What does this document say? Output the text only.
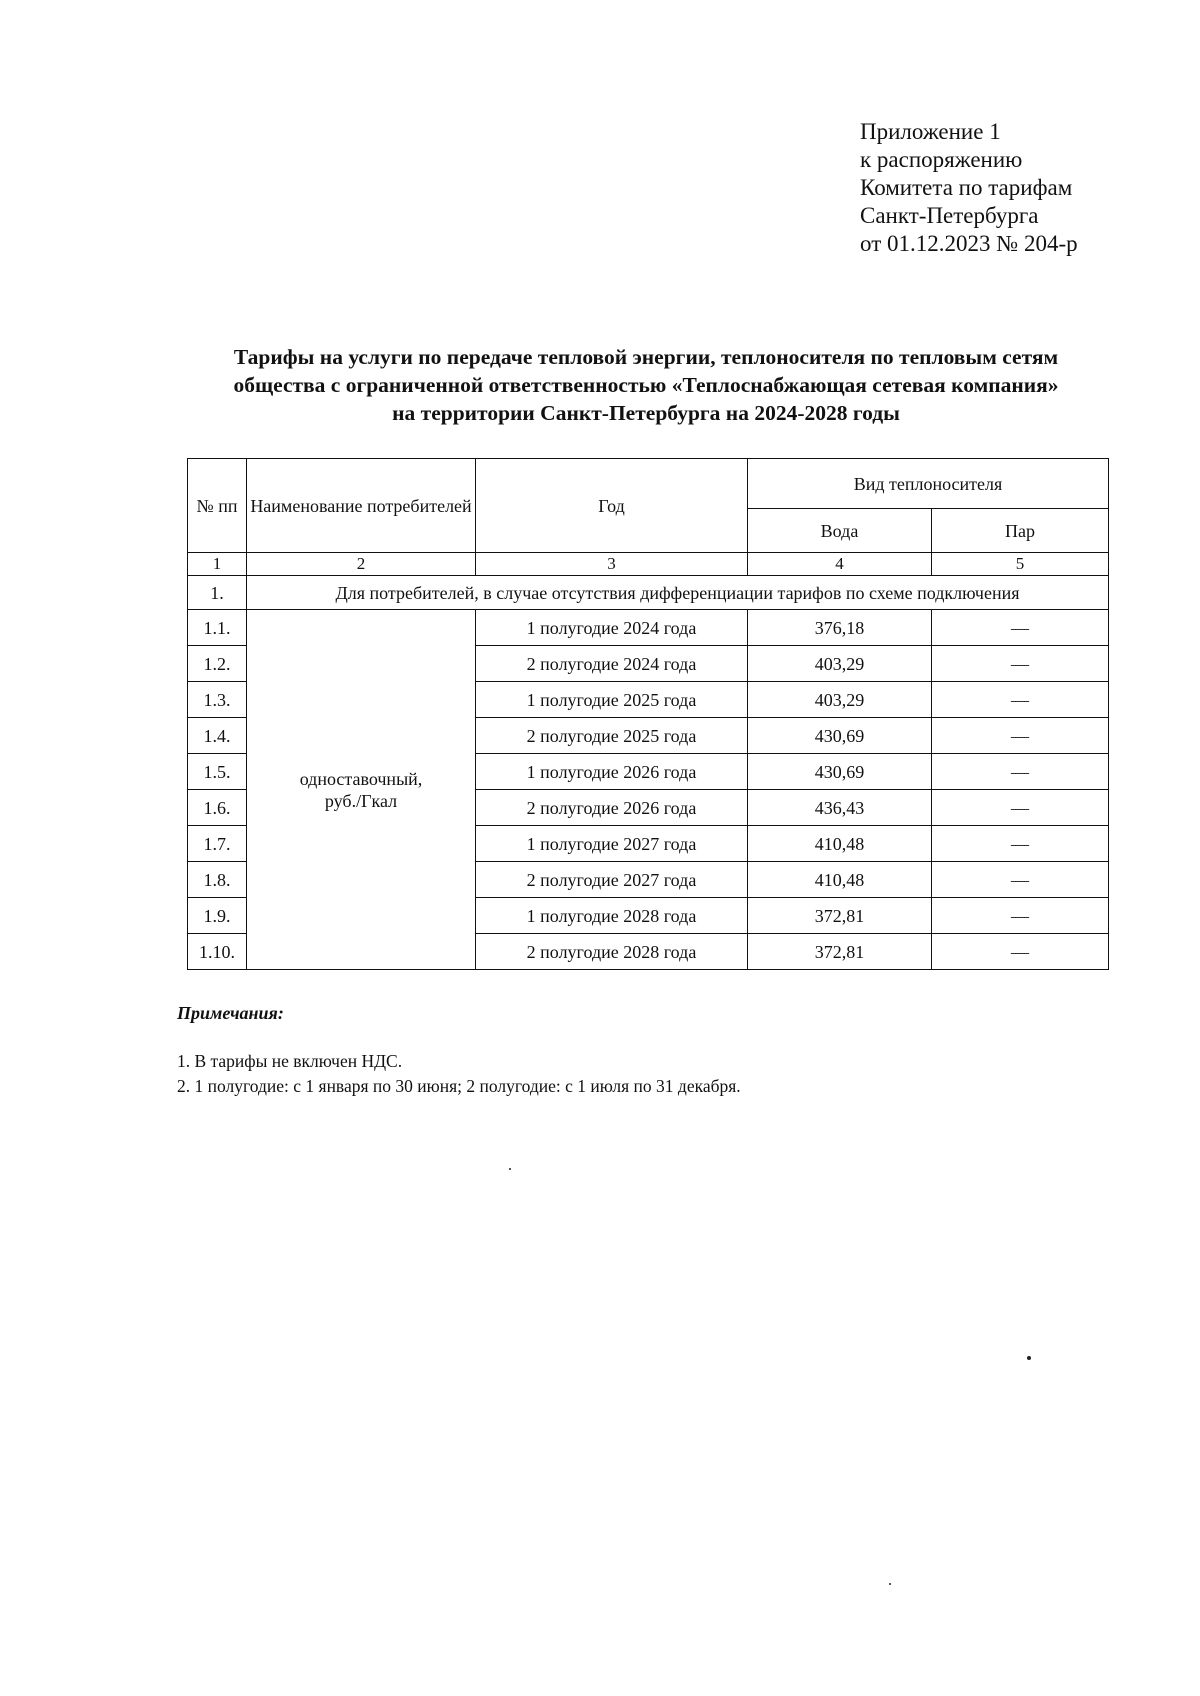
Приложение 1
к распоряжению
Комитета по тарифам
Санкт-Петербурга
от 01.12.2023 № 204-р
Тарифы на услуги по передаче тепловой энергии, теплоносителя по тепловым сетям
общества с ограниченной ответственностью «Теплоснабжающая сетевая компания»
на территории Санкт-Петербурга на 2024-2028 годы
№ пп	Наименование потребителей	Год	Вид теплоносителя	
			Вода	Пар
1	2	3	4	5
1.	Для потребителей, в случае отсутствия дифференциации тарифов по схеме подключения			
1.1.	одноставочный, руб./Гкал	1 полугодие 2024 года	376,18	—
1.2.		2 полугодие 2024 года	403,29	—
1.3.		1 полугодие 2025 года	403,29	—
1.4.		2 полугодие 2025 года	430,69	—
1.5.		1 полугодие 2026 года	430,69	—
1.6.		2 полугодие 2026 года	436,43	—
1.7.		1 полугодие 2027 года	410,48	—
1.8.		2 полугодие 2027 года	410,48	—
1.9.		1 полугодие 2028 года	372,81	—
1.10.		2 полугодие 2028 года	372,81	—
Примечания:
1. В тарифы не включен НДС.
2. 1 полугодие: с 1 января по 30 июня; 2 полугодие: с 1 июля по 31 декабря.
